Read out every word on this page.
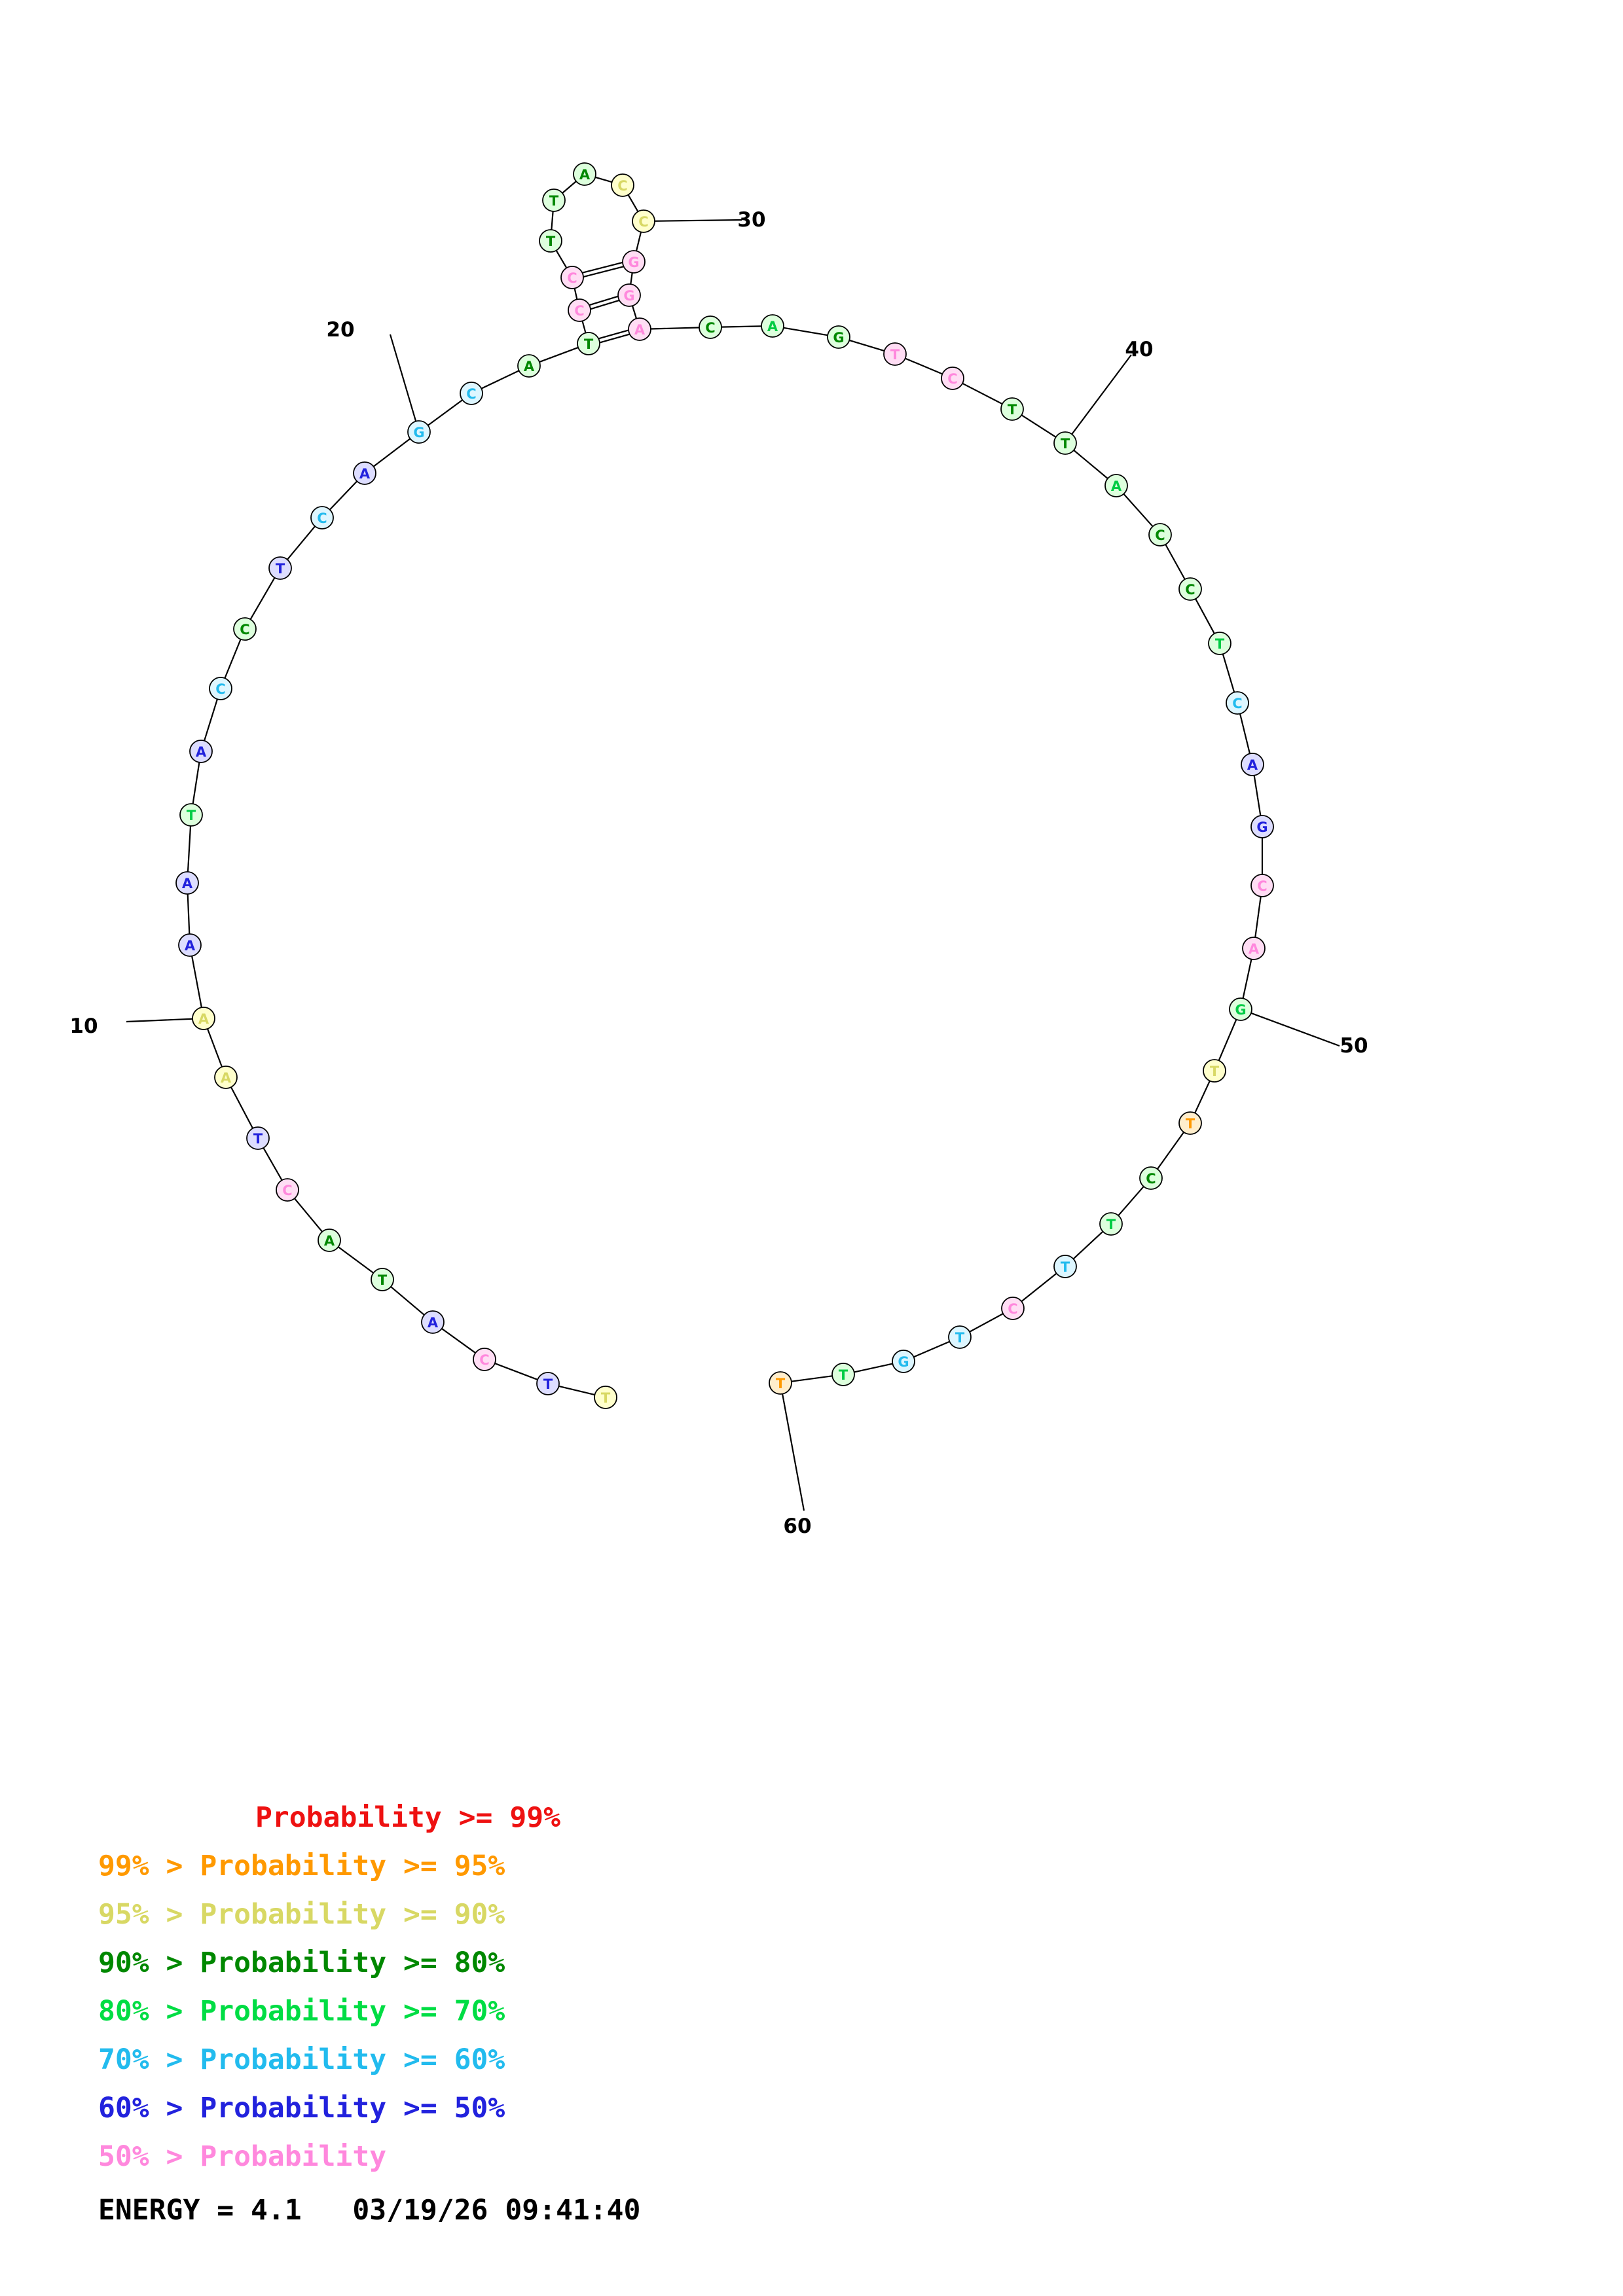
T
T
C
A
T
A
C
T
A
A
A
A
T
A
C
C
T
C
A
G
C
A
T
C
C
T
T
A
C
C
G
G
A	C	A
G
T
C
T
T
A
C
C
T
C
A
G
C
A
G
T
T
C
T
T
C
T
G
T
T
10
20
30
40
50
60
Probability >= 99%
99% > Probability >= 95%
95% > Probability >= 90%
90% > Probability >= 80%
80% > Probability >= 70%
70% > Probability >= 60%
60% > Probability >= 50%
50% > Probability
ENERGY = 4.1   03/19/26 09:41:40
